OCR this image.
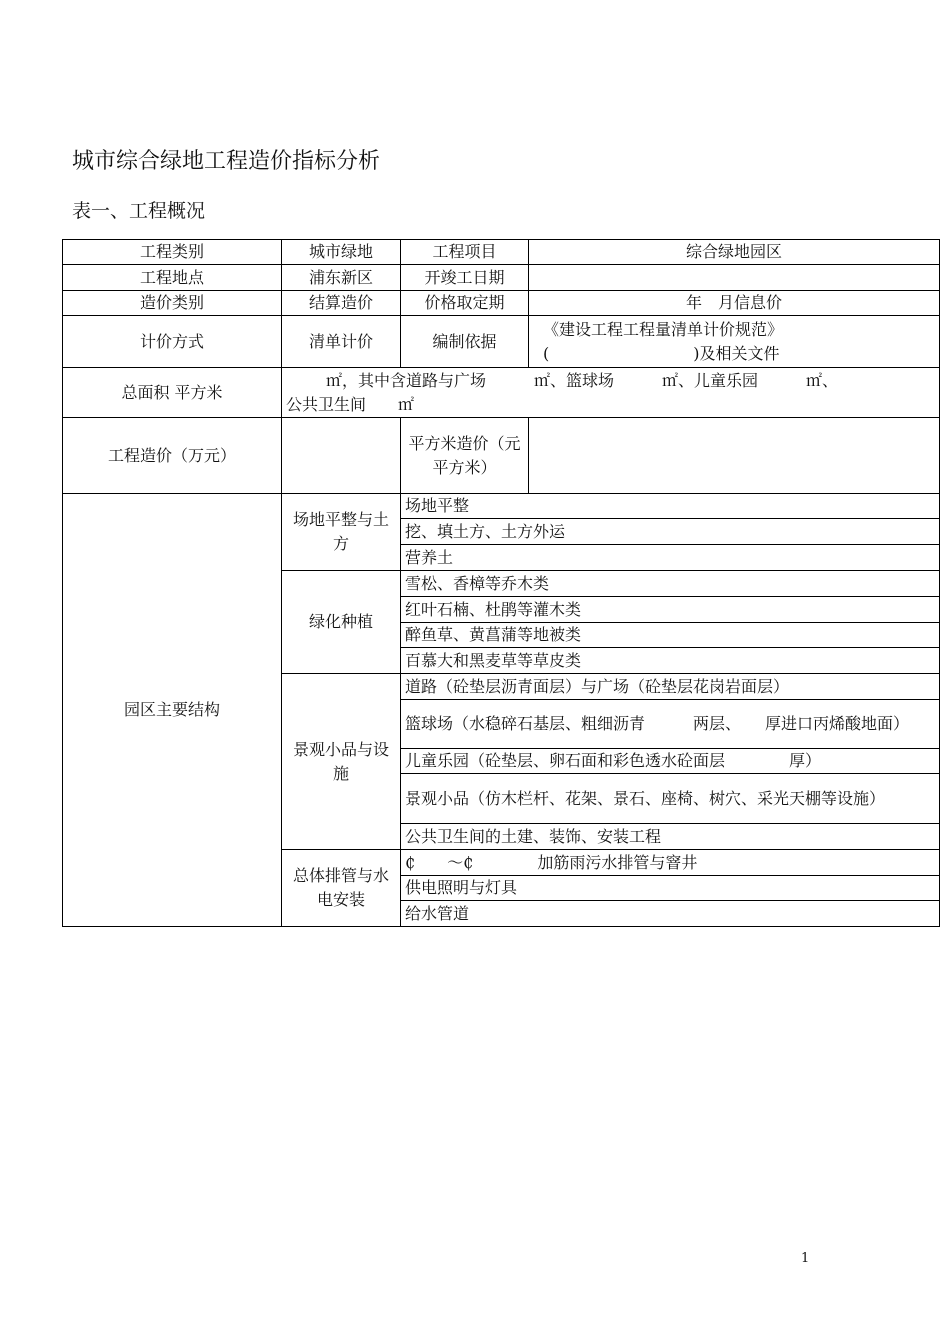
城市综合绿地工程造价指标分析
表一、工程概况
工程类别	城市绿地	工程项目	综合绿地园区
工程地点	浦东新区	开竣工日期	
造价类别	结算造价	价格取定期	年　月信息价
计价方式	清单计价	编制依据	《建设工程工程量清单计价规范》
(　　　　　　　　　)及相关文件

总面积 平方米	㎡，其中含道路与广场　　　㎡、篮球场　　　㎡、儿童乐园　　　㎡、
公共卫生间　　㎡		

工程造价（万元）		平方米造价（元 平方米）	
园区主要结构	场地平整与土方	场地平整	
		挖、填土方、土方外运	
		营养土	
	绿化种植	雪松、香樟等乔木类	
		红叶石楠、杜鹃等灌木类	
		醉鱼草、黄菖蒲等地被类	
		百慕大和黑麦草等草皮类	
	景观小品与设施	道路（砼垫层沥青面层）与广场（砼垫层花岗岩面层）	
		篮球场（水稳碎石基层、粗细沥青　　　两层、　　厚进口丙烯酸地面）	
		儿童乐园（砼垫层、卵石面和彩色透水砼面层　　　　厚）	
		景观小品（仿木栏杆、花架、景石、座椅、树穴、采光天棚等设施）	
		公共卫生间的土建、装饰、安装工程	
	总体排管与水电安装	₵　　～₵　　　　加筋雨污水排管与窨井	
		供电照明与灯具	
		给水管道	
1
